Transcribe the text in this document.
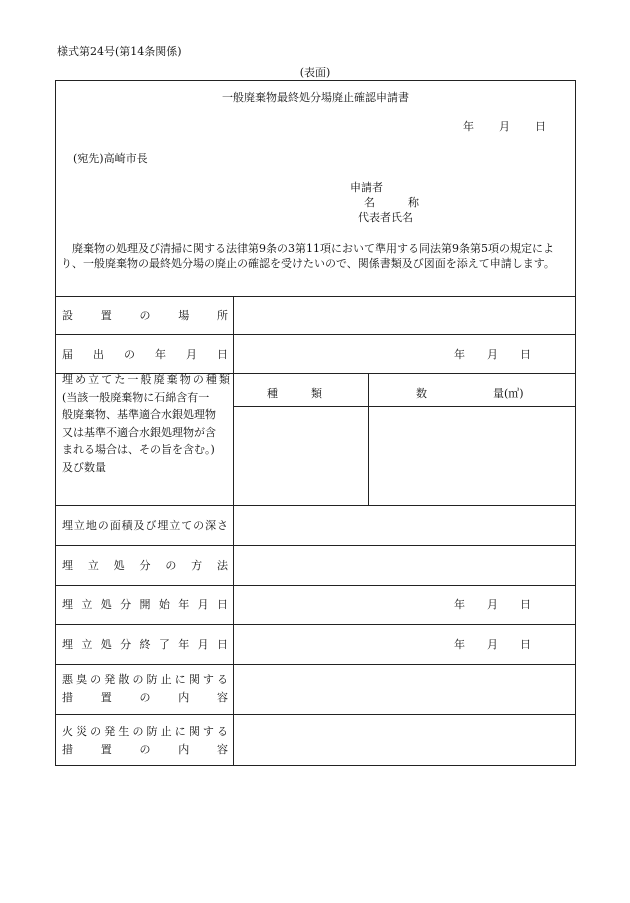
様式第24号(第14条関係)
(表面)
一般廃棄物最終処分場廃止確認申請書
年　　月　　日
(宛先)高崎市長
申請者
名　　　称
代表者氏名
廃棄物の処理及び清掃に関する法律第9条の3第11項において準用する同法第9条第5項の規定により、一般廃棄物の最終処分場の廃止の確認を受けたいので、関係書類及び図面を添えて申請します。
設置の場所
届出の年月日	年　　月　　日
埋め立てた一般廃棄物の種類
(当該一般廃棄物に石綿含有一
般廃棄物、基準適合水銀処理物
又は基準不適合水銀処理物が含
まれる場合は、その旨を含む。)
及び数量
種　　　類	数　　　　　　量(㎥)
埋立地の面積及び埋立ての深さ
埋立処分の方法
埋立処分開始年月日	年　　月　　日
埋立処分終了年月日	年　　月　　日
悪臭の発散の防止に関する
措置の内容
火災の発生の防止に関する
措置の内容
